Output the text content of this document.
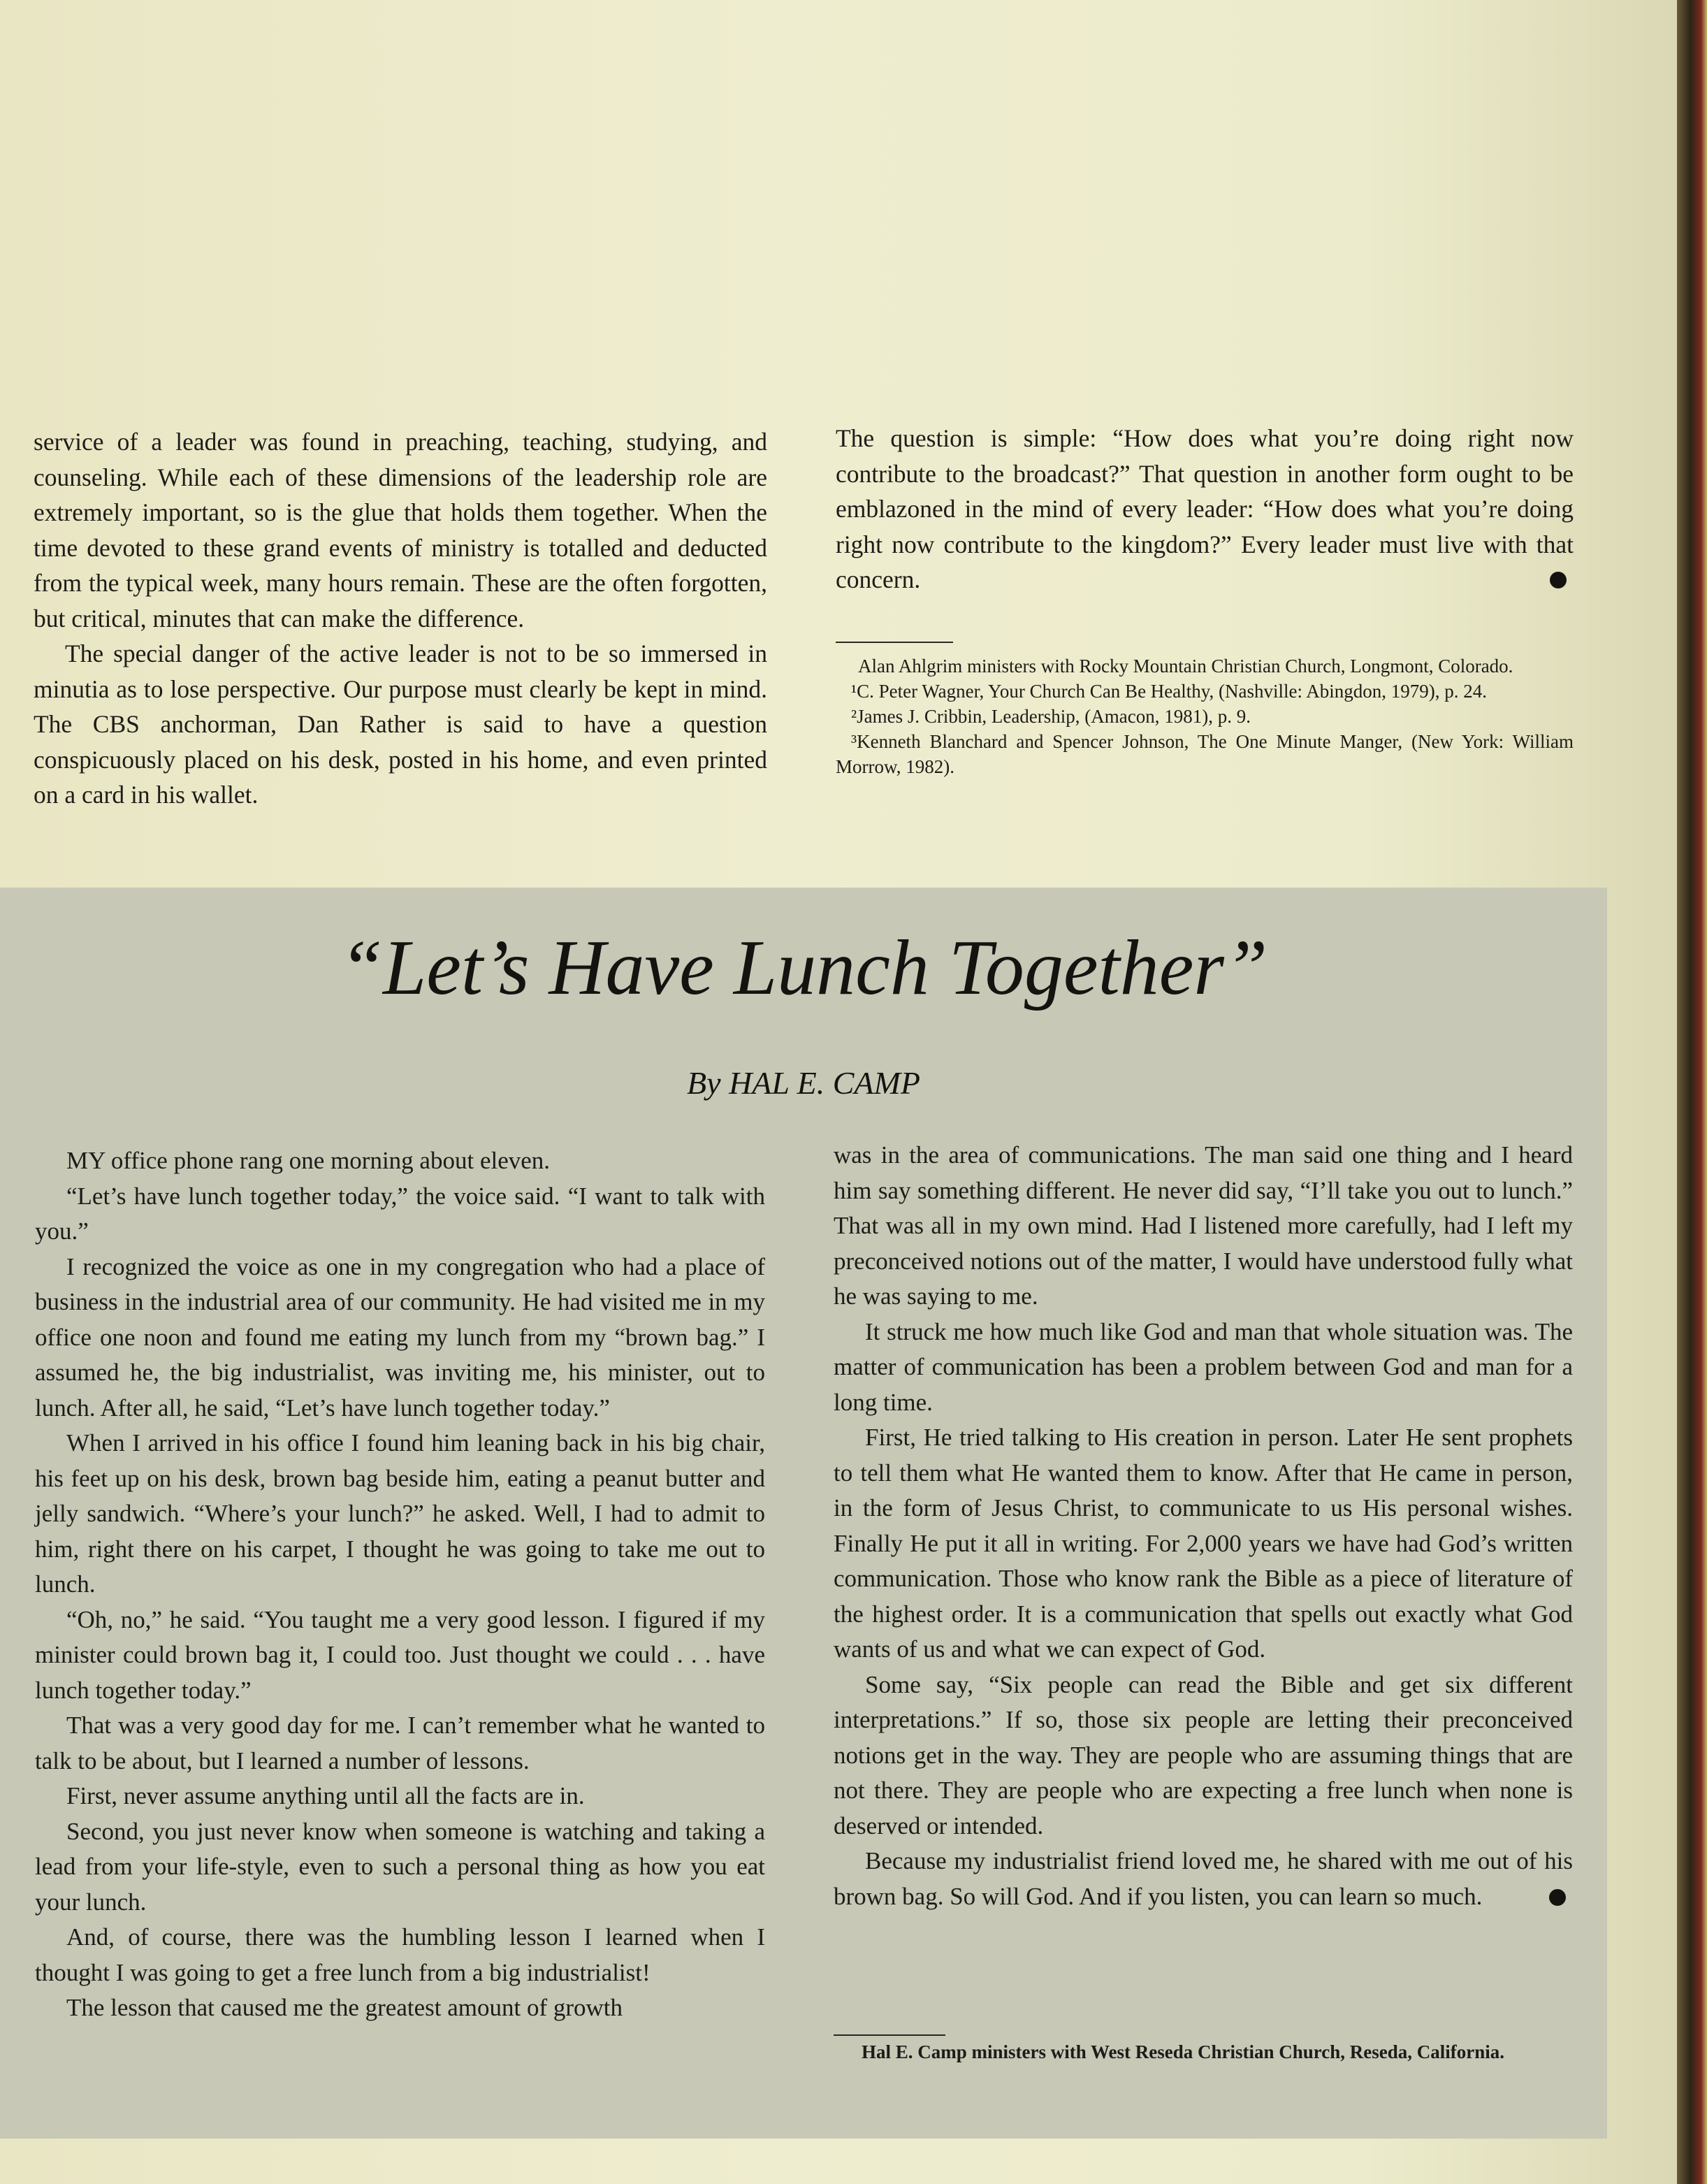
service of a leader was found in preaching, teaching, studying, and counseling. While each of these dimensions of the leadership role are extremely important, so is the glue that holds them together. When the time devoted to these grand events of ministry is totalled and deducted from the typical week, many hours remain. These are the often forgotten, but critical, minutes that can make the difference.

The special danger of the active leader is not to be so immersed in minutia as to lose perspective. Our purpose must clearly be kept in mind. The CBS anchorman, Dan Rather is said to have a question conspicuously placed on his desk, posted in his home, and even printed on a card in his wallet.

The question is simple: “How does what you’re doing right now contribute to the broadcast?” That question in another form ought to be emblazoned in the mind of every leader: “How does what you’re doing right now contribute to the kingdom?” Every leader must live with that concern.

Alan Ahlgrim ministers with Rocky Mountain Christian Church, Longmont, Colorado.

¹C. Peter Wagner, Your Church Can Be Healthy, (Nashville: Abingdon, 1979), p. 24.

²James J. Cribbin, Leadership, (Amacon, 1981), p. 9.

³Kenneth Blanchard and Spencer Johnson, The One Minute Manger, (New York: William Morrow, 1982).

“Let’s Have Lunch Together”
By HAL E. CAMP

MY office phone rang one morning about eleven.

“Let’s have lunch together today,” the voice said. “I want to talk with you.”

I recognized the voice as one in my congregation who had a place of business in the industrial area of our community. He had visited me in my office one noon and found me eating my lunch from my “brown bag.” I assumed he, the big industrialist, was inviting me, his minister, out to lunch. After all, he said, “Let’s have lunch together today.”

When I arrived in his office I found him leaning back in his big chair, his feet up on his desk, brown bag beside him, eating a peanut butter and jelly sandwich. “Where’s your lunch?” he asked. Well, I had to admit to him, right there on his carpet, I thought he was going to take me out to lunch.

“Oh, no,” he said. “You taught me a very good lesson. I figured if my minister could brown bag it, I could too. Just thought we could . . . have lunch together today.”

That was a very good day for me. I can’t remember what he wanted to talk to be about, but I learned a number of lessons.

First, never assume anything until all the facts are in.

Second, you just never know when someone is watching and taking a lead from your life-style, even to such a personal thing as how you eat your lunch.

And, of course, there was the humbling lesson I learned when I thought I was going to get a free lunch from a big industrialist!

The lesson that caused me the greatest amount of growth

was in the area of communications. The man said one thing and I heard him say something different. He never did say, “I’ll take you out to lunch.” That was all in my own mind. Had I listened more carefully, had I left my preconceived notions out of the matter, I would have understood fully what he was saying to me.

It struck me how much like God and man that whole situation was. The matter of communication has been a problem between God and man for a long time.

First, He tried talking to His creation in person. Later He sent prophets to tell them what He wanted them to know. After that He came in person, in the form of Jesus Christ, to communicate to us His personal wishes. Finally He put it all in writing. For 2,000 years we have had God’s written communication. Those who know rank the Bible as a piece of literature of the highest order. It is a communication that spells out exactly what God wants of us and what we can expect of God.

Some say, “Six people can read the Bible and get six different interpretations.” If so, those six people are letting their preconceived notions get in the way. They are people who are assuming things that are not there. They are people who are expecting a free lunch when none is deserved or intended.

Because my industrialist friend loved me, he shared with me out of his brown bag. So will God. And if you listen, you can learn so much.

Hal E. Camp ministers with West Reseda Christian Church, Reseda, California.
